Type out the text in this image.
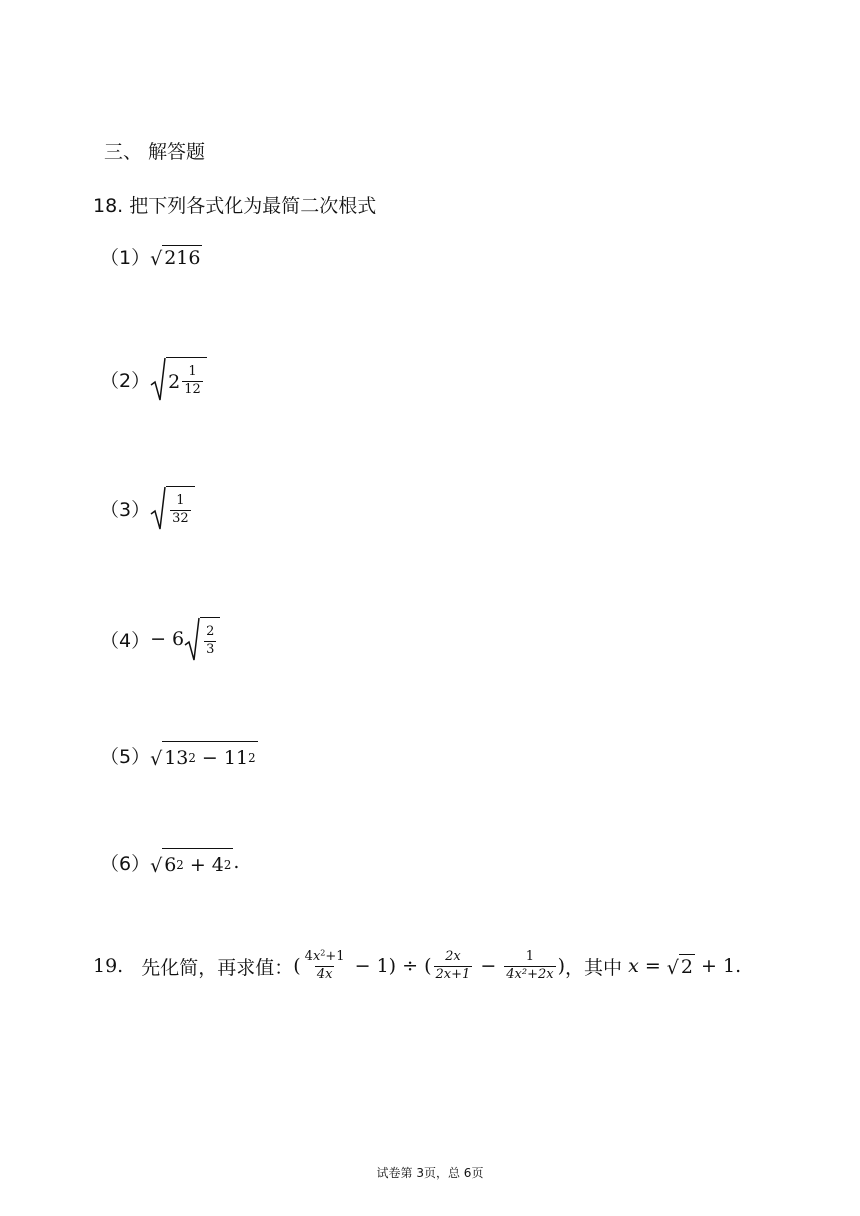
三、 解答题
18. 把下列各式化为最简二次根式
（1） √ 216
（2） $2 \frac{1}{12}$
$(3) \frac{1}{32}$
$(4) - 6 \frac{2}{3}$
（5） √ 13 2 − 11 2
（6） √ 6 2 + 4 2 .
19. 先化简，再求值： ( $\frac{4x^2+1}{4x} - 1$) ÷ ( $\frac{2x}{2x+1} - \frac{1}{\text{4x²+2x}}$ ) ，其中 x = √ 2 + 1.
试卷第 3页，总 6页
